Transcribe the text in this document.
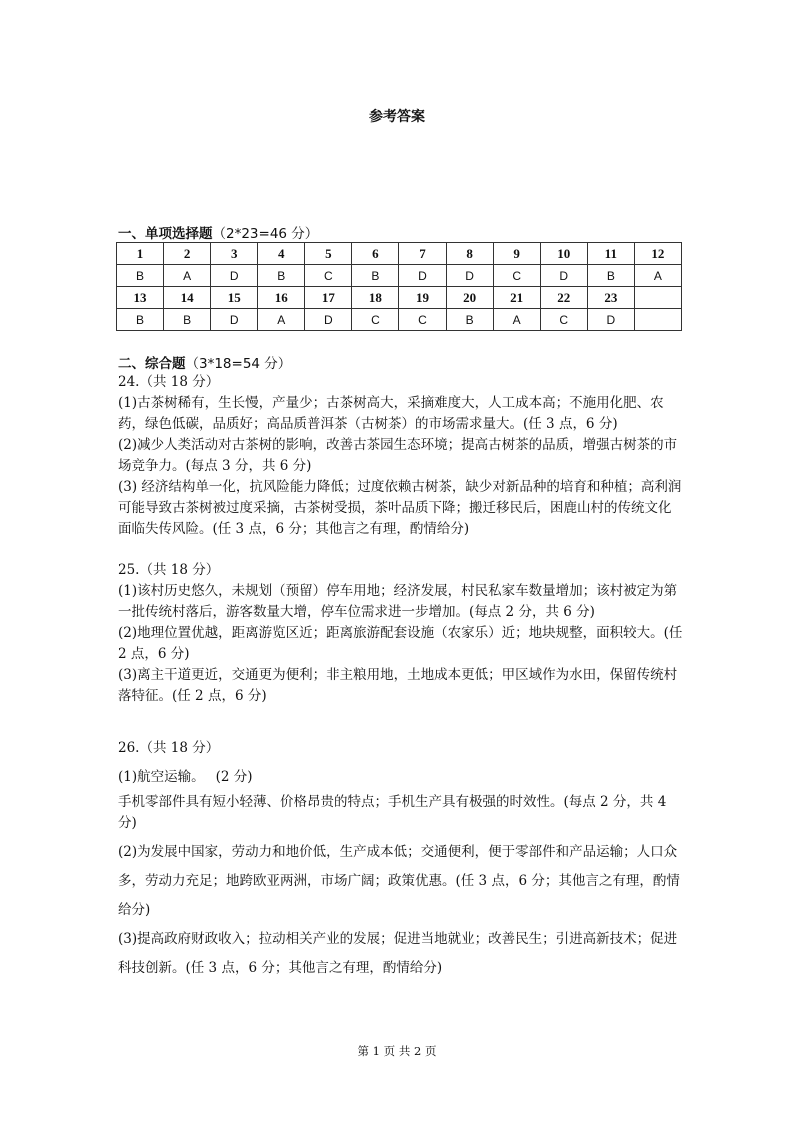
参考答案
一、单项选择题（2*23=46 分）
1	2	3	4	5	6	7	8	9	10	11	12
B	A	D	B	C	B	D	D	C	D	B	A
13	14	15	16	17	18	19	20	21	22	23	
B	B	D	A	D	C	C	B	A	C	D	
二、综合题（3*18=54 分）

24.（共 18 分）

(1)古茶树稀有，生长慢，产量少；古茶树高大，采摘难度大，人工成本高；不施用化肥、农药，绿色低碳，品质好；高品质普洱茶（古树茶）的市场需求量大。(任 3 点，6 分)

(2)减少人类活动对古茶树的影响，改善古茶园生态环境；提高古树茶的品质，增强古树茶的市场竞争力。(每点 3 分，共 6 分)

(3) 经济结构单一化，抗风险能力降低；过度依赖古树茶，缺少对新品种的培育和种植；高利润可能导致古茶树被过度采摘，古茶树受损，茶叶品质下降；搬迁移民后，困鹿山村的传统文化面临失传风险。(任 3 点，6 分；其他言之有理，酌情给分)

25.（共 18 分）

(1)该村历史悠久，未规划（预留）停车用地；经济发展，村民私家车数量增加；该村被定为第一批传统村落后，游客数量大增，停车位需求进一步增加。(每点 2 分，共 6 分)

(2)地理位置优越，距离游览区近；距离旅游配套设施（农家乐）近；地块规整，面积较大。(任 2 点，6 分)

(3)离主干道更近，交通更为便利；非主粮用地，土地成本更低；甲区域作为水田，保留传统村落特征。(任 2 点，6 分)

26.（共 18 分）

(1)航空运输。　 (2 分)

手机零部件具有短小轻薄、价格昂贵的特点；手机生产具有极强的时效性。(每点 2 分，共 4 分)

(2)为发展中国家，劳动力和地价低，生产成本低；交通便利，便于零部件和产品运输；人口众多，劳动力充足；地跨欧亚两洲，市场广阔；政策优惠。(任 3 点，6 分；其他言之有理，酌情给分)

(3)提高政府财政收入；拉动相关产业的发展；促进当地就业；改善民生；引进高新技术；促进科技创新。(任 3 点，6 分；其他言之有理，酌情给分)

第 1 页 共 2 页
